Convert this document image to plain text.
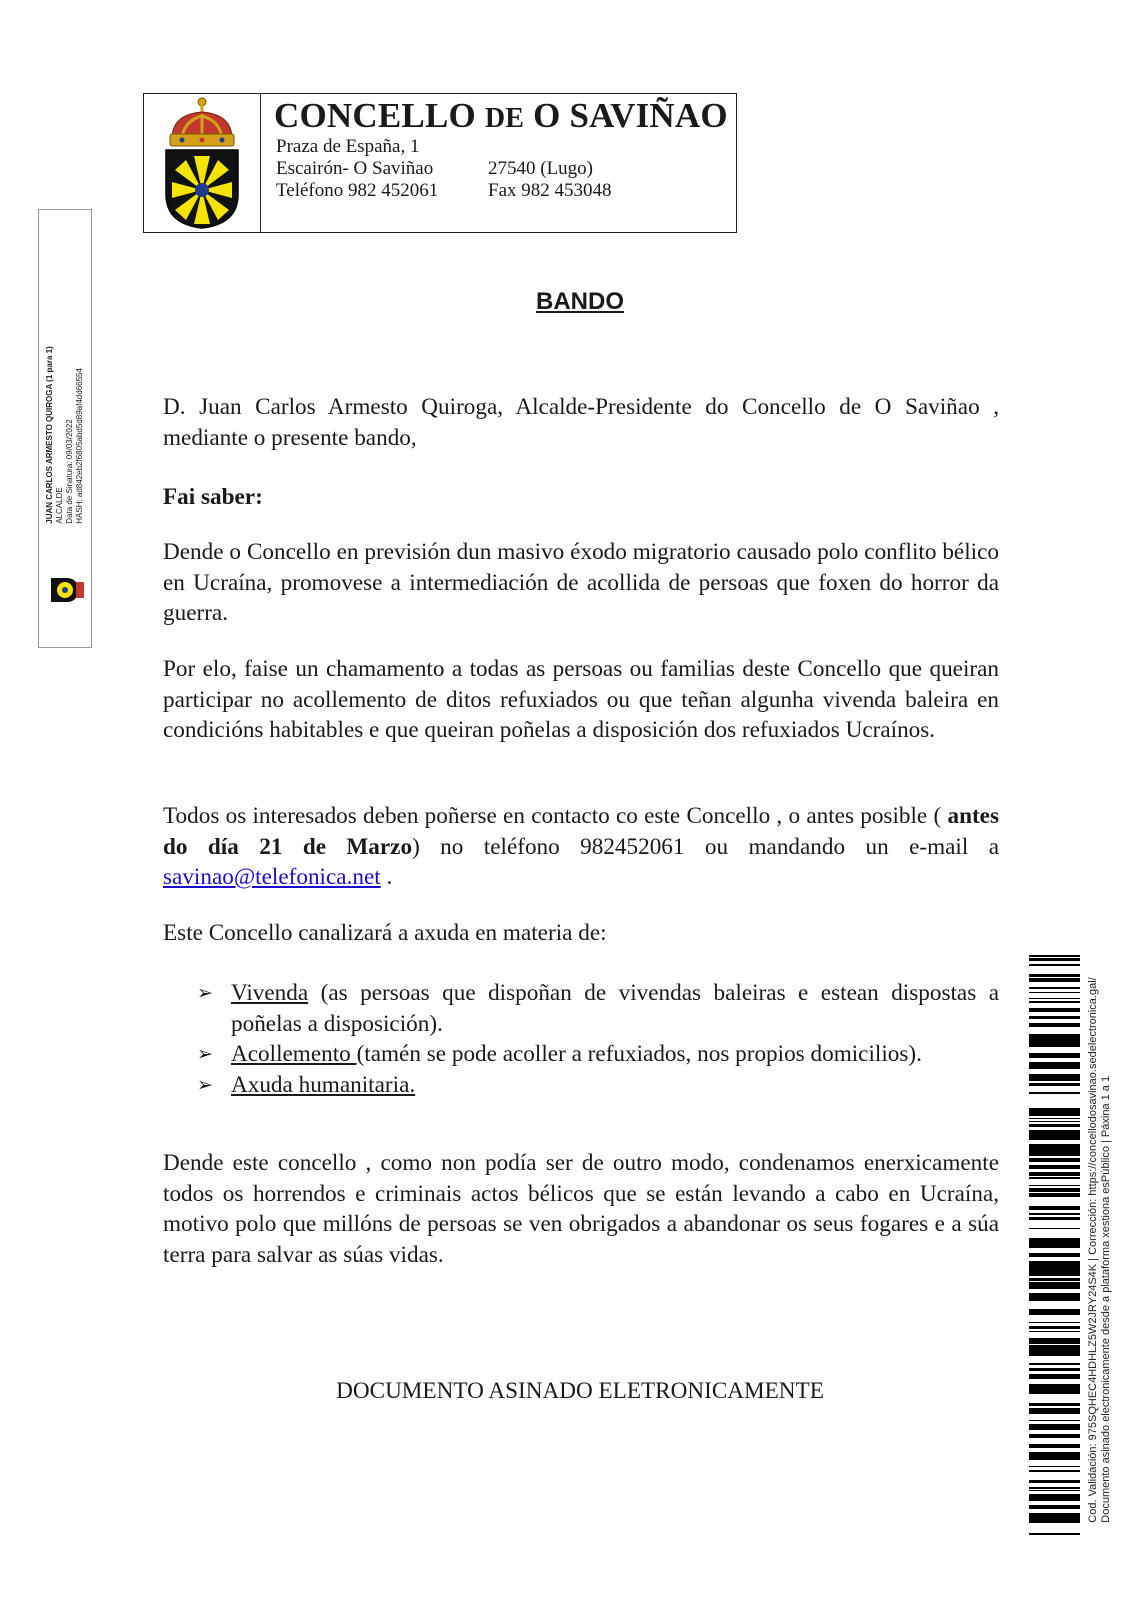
CONCELLO DE O SAVIÑAO
Praza de España, 1
Escairón- O Saviñao	27540 (Lugo)
Teléfono 982 452061	Fax 982 453048
JUAN CARLOS ARMESTO QUIROGA (1 para 1) ALCALDE Data de Sinatura: 09/03/2022 HASH: ad842eb2f6805abd5d89af4dd66554
BANDO

D. Juan Carlos Armesto Quiroga, Alcalde-Presidente do Concello de O Saviñao , mediante o presente bando,

Fai saber:

Dende o Concello en previsión dun masivo éxodo migratorio causado polo conflito bélico en Ucraína, promovese a intermediación de acollida de persoas que foxen do horror da guerra.

Por elo, faise un chamamento a todas as persoas ou familias deste Concello que queiran participar no acollemento de ditos refuxiados ou que teñan algunha vivenda baleira en condicións habitables e que queiran poñelas a disposición dos refuxiados Ucraínos.

Todos os interesados deben poñerse en contacto co este Concello , o antes posible ( antes do día 21 de Marzo) no teléfono 982452061 ou mandando un e-mail a savinao@telefonica.net .

Este Concello canalizará a axuda en materia de:

➢ Vivenda (as persoas que dispoñan de vivendas baleiras e estean dispostas a poñelas a disposición).
➢ Acollemento (tamén se pode acoller a refuxiados, nos propios domicilios).
➢ Axuda humanitaria.

Dende este concello , como non podía ser de outro modo, condenamos enerxicamente todos os horrendos e criminais actos bélicos que se están levando a cabo en Ucraína, motivo polo que millóns de persoas se ven obrigados a abandonar os seus fogares e a súa terra para salvar as súas vidas.

DOCUMENTO ASINADO ELETRONICAMENTE	Cod. Validación: 975SQHEC4HDHLZ5W2JRY24S4K | Corrección: https://concellodosavinao.sedelectronica.gal/ Documento asinado electronicamente desde a plataforma xestiona esPúblico | Páxina 1 a 1
